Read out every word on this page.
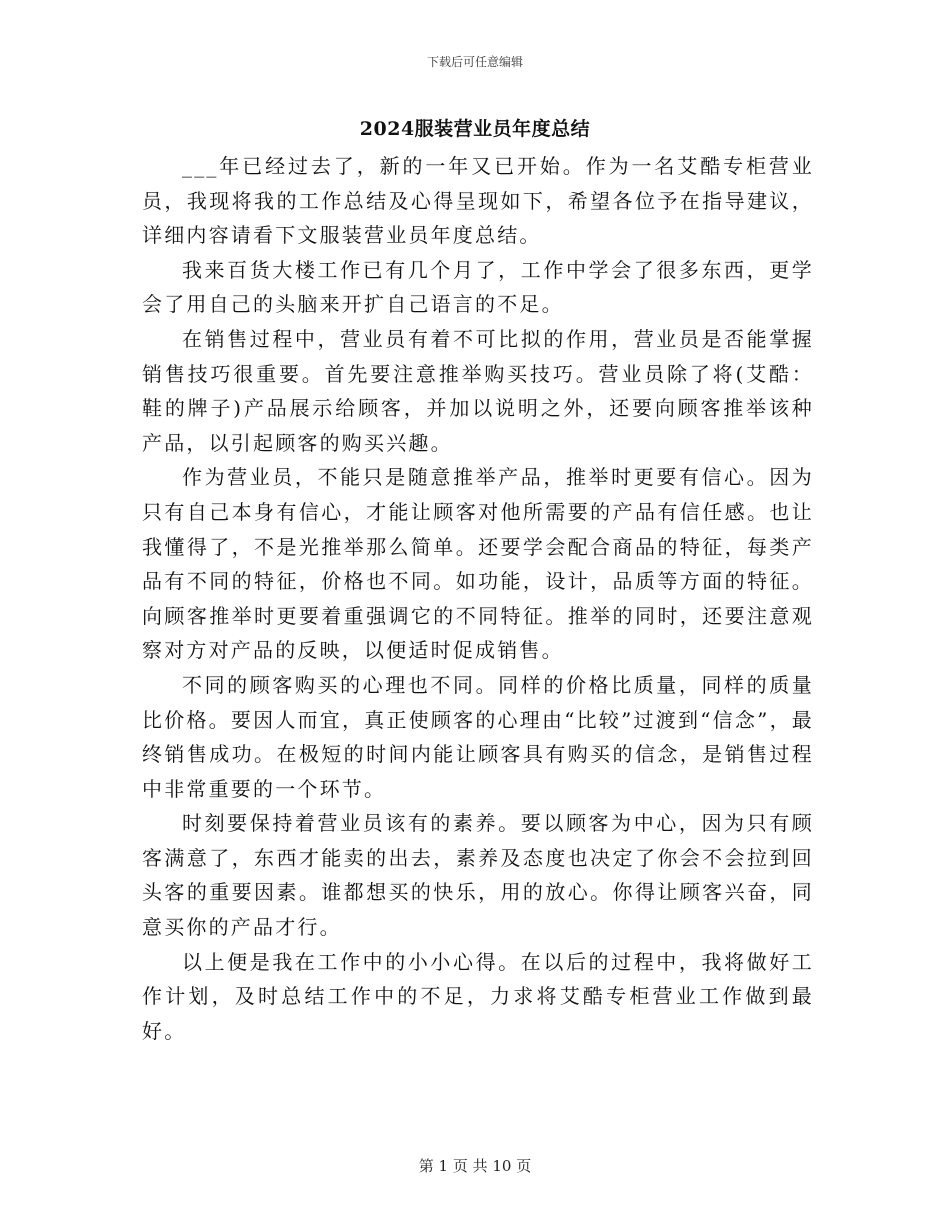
下载后可任意编辑
2024服装营业员年度总结

___年已经过去了，新的一年又已开始。作为一名艾酷专柜营业员，我现将我的工作总结及心得呈现如下，希望各位予在指导建议，详细内容请看下文服装营业员年度总结。

我来百货大楼工作已有几个月了，工作中学会了很多东西，更学会了用自己的头脑来开扩自己语言的不足。

在销售过程中，营业员有着不可比拟的作用，营业员是否能掌握销售技巧很重要。首先要注意推举购买技巧。营业员除了将(艾酷：鞋的牌子)产品展示给顾客，并加以说明之外，还要向顾客推举该种产品，以引起顾客的购买兴趣。

作为营业员，不能只是随意推举产品，推举时更要有信心。因为只有自己本身有信心，才能让顾客对他所需要的产品有信任感。也让我懂得了，不是光推举那么简单。还要学会配合商品的特征，每类产品有不同的特征，价格也不同。如功能，设计，品质等方面的特征。向顾客推举时更要着重强调它的不同特征。推举的同时，还要注意观察对方对产品的反映，以便适时促成销售。

不同的顾客购买的心理也不同。同样的价格比质量，同样的质量比价格。要因人而宜，真正使顾客的心理由“比较”过渡到“信念”，最终销售成功。在极短的时间内能让顾客具有购买的信念，是销售过程中非常重要的一个环节。

时刻要保持着营业员该有的素养。要以顾客为中心，因为只有顾客满意了，东西才能卖的出去，素养及态度也决定了你会不会拉到回头客的重要因素。谁都想买的快乐，用的放心。你得让顾客兴奋，同意买你的产品才行。

以上便是我在工作中的小小心得。在以后的过程中，我将做好工作计划，及时总结工作中的不足，力求将艾酷专柜营业工作做到最好。

第 1 页 共 10 页
